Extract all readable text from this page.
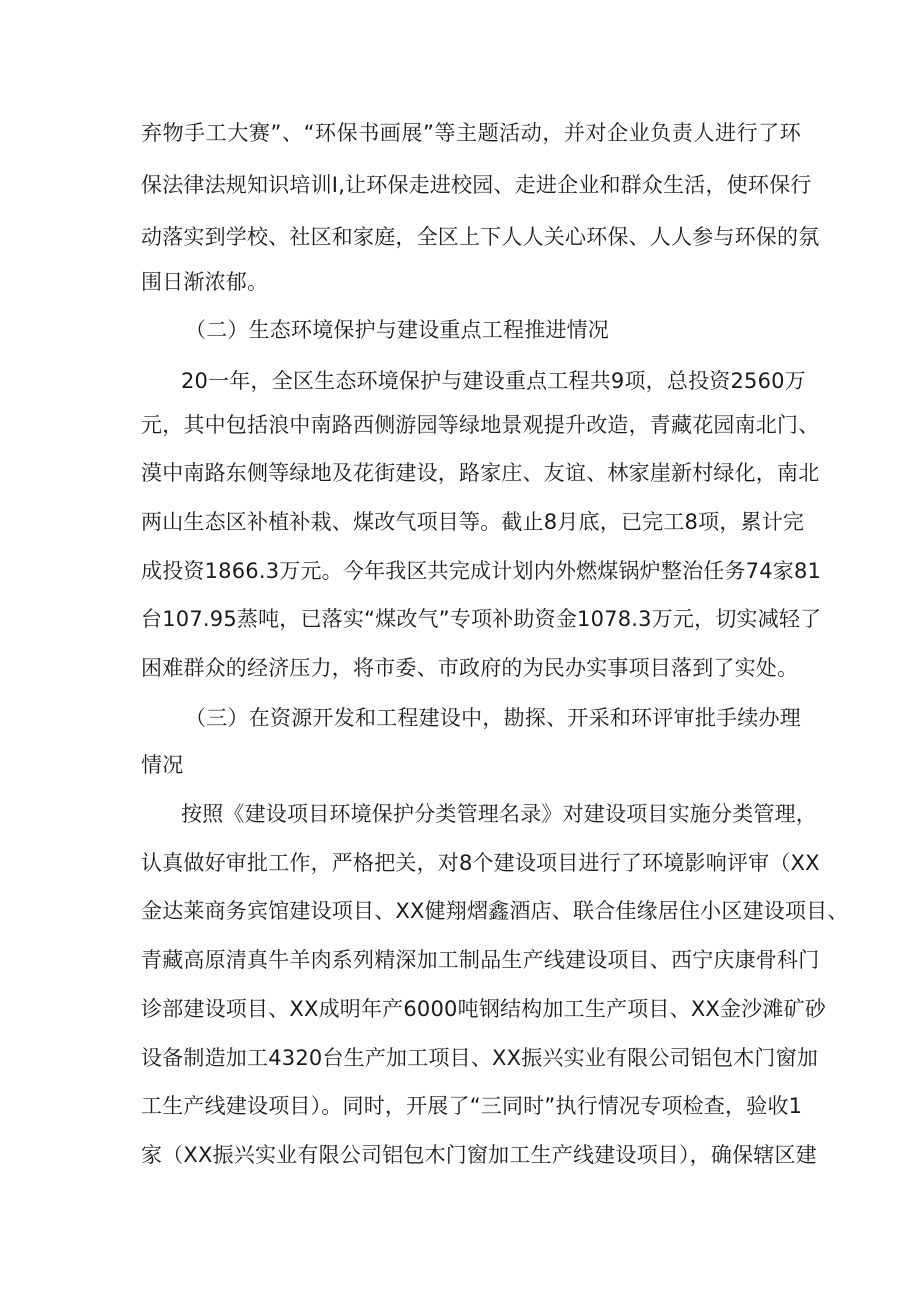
弃物手工大赛”、“环保书画展”等主题活动，并对企业负责人进行了环
保法律法规知识培训Ⅰ,让环保走进校园、走进企业和群众生活，使环保行
动落实到学校、社区和家庭，全区上下人人关心环保、人人参与环保的氛
围日渐浓郁。
（二）生态环境保护与建设重点工程推进情况
20一年，全区生态环境保护与建设重点工程共9项，总投资2560万
元，其中包括浪中南路西侧游园等绿地景观提升改造，青藏花园南北门、
漠中南路东侧等绿地及花街建设，路家庄、友谊、林家崖新村绿化，南北
两山生态区补植补栽、煤改气项目等。截止8月底，已完工8项，累计完
成投资1866.3万元。今年我区共完成计划内外燃煤锅炉整治任务74家81
台107.95蒸吨，已落实“煤改气”专项补助资金1078.3万元，切实减轻了
困难群众的经济压力，将市委、市政府的为民办实事项目落到了实处。
（三）在资源开发和工程建设中，勘探、开采和环评审批手续办理
情况
按照《建设项目环境保护分类管理名录》对建设项目实施分类管理，
认真做好审批工作，严格把关，对8个建设项目进行了环境影响评审（XX
金达莱商务宾馆建设项目、XX健翔熠鑫酒店、联合佳缘居住小区建设项目、
青藏高原清真牛羊肉系列精深加工制品生产线建设项目、西宁庆康骨科门
诊部建设项目、XX成明年产6000吨钢结构加工生产项目、XX金沙滩矿砂
设备制造加工4320台生产加工项目、XX振兴实业有限公司铝包木门窗加
工生产线建设项目）。同时，开展了“三同时”执行情况专项检查，验收1
家（XX振兴实业有限公司铝包木门窗加工生产线建设项目），确保辖区建
